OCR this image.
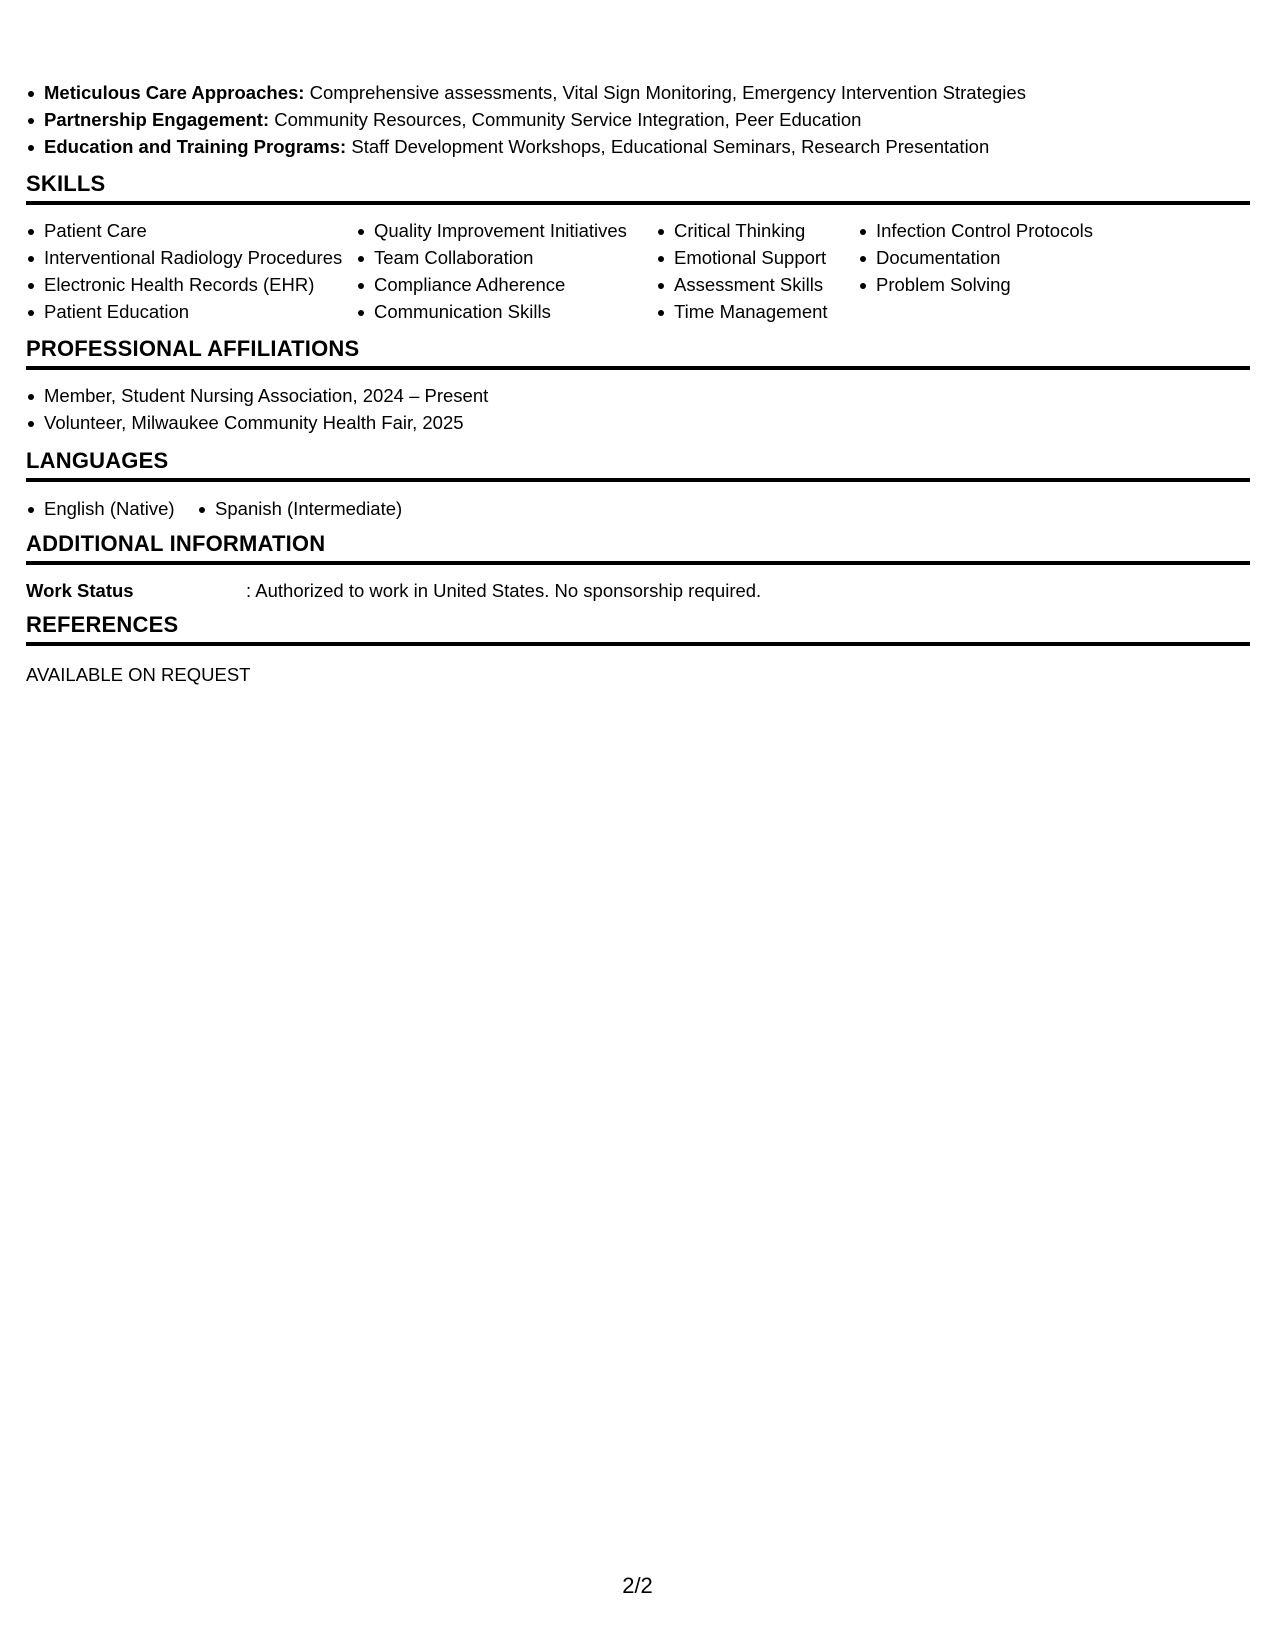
Meticulous Care Approaches: Comprehensive assessments, Vital Sign Monitoring, Emergency Intervention Strategies
Partnership Engagement: Community Resources, Community Service Integration, Peer Education
Education and Training Programs: Staff Development Workshops, Educational Seminars, Research Presentation
SKILLS
Patient Care
Interventional Radiology Procedures
Electronic Health Records (EHR)
Patient Education
Quality Improvement Initiatives
Team Collaboration
Compliance Adherence
Communication Skills
Critical Thinking
Emotional Support
Assessment Skills
Time Management
Infection Control Protocols
Documentation
Problem Solving
PROFESSIONAL AFFILIATIONS
Member, Student Nursing Association, 2024 – Present
Volunteer, Milwaukee Community Health Fair, 2025
LANGUAGES
English (Native) Spanish (Intermediate)
ADDITIONAL INFORMATION
Work Status	: Authorized to work in United States. No sponsorship required.
REFERENCES
AVAILABLE ON REQUEST
2/2
